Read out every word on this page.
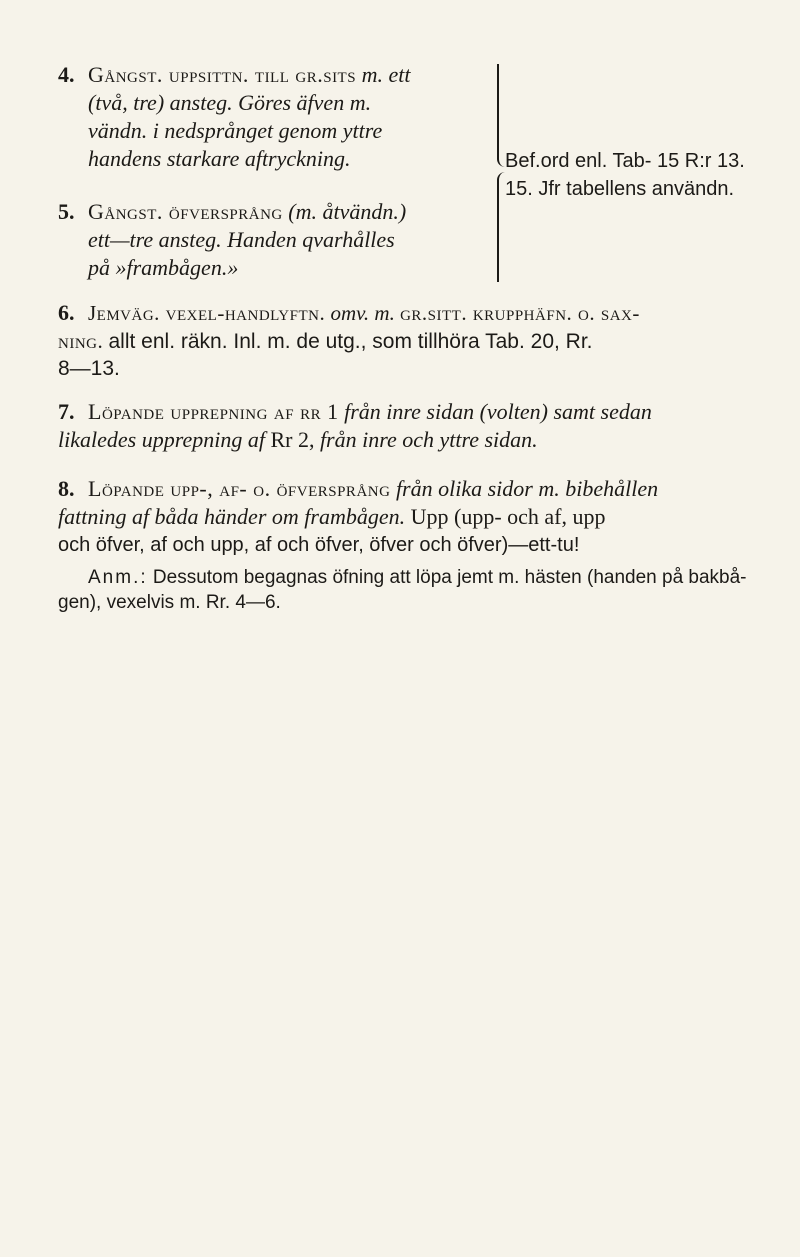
4. Gångst. uppsittn. till gr.sits m. ett
(två, tre) ansteg. Göres äfven m.
vändn. i nedsprånget genom yttre
handens starkare aftryckning.	Bef.ord enl. Tab- 15 R:r 13.
15. Jfr tabellens användn.
5. Gångst. öfversprång (m. åtvändn.)
ett—tre ansteg. Handen qvarhålles
på »frambågen.»
6. Jemväg. vexel-handlyftn. omv. m. gr.sitt. krupphäfn. o. sax-
ning. allt enl. räkn. Inl. m. de utg., som tillhöra Tab. 20, Rr.
8—13.
7. Löpande upprepning af rr 1 från inre sidan (volten) samt sedan
likaledes upprepning af Rr 2, från inre och yttre sidan.
8. Löpande upp-, af- o. öfversprång från olika sidor m. bibehållen
fattning af båda händer om frambågen. Upp (upp- och af, upp
och öfver, af och upp, af och öfver, öfver och öfver)—ett-tu!
Anm.: Dessutom begagnas öfning att löpa jemt m. hästen (handen på bakbå-
gen), vexelvis m. Rr. 4—6.
